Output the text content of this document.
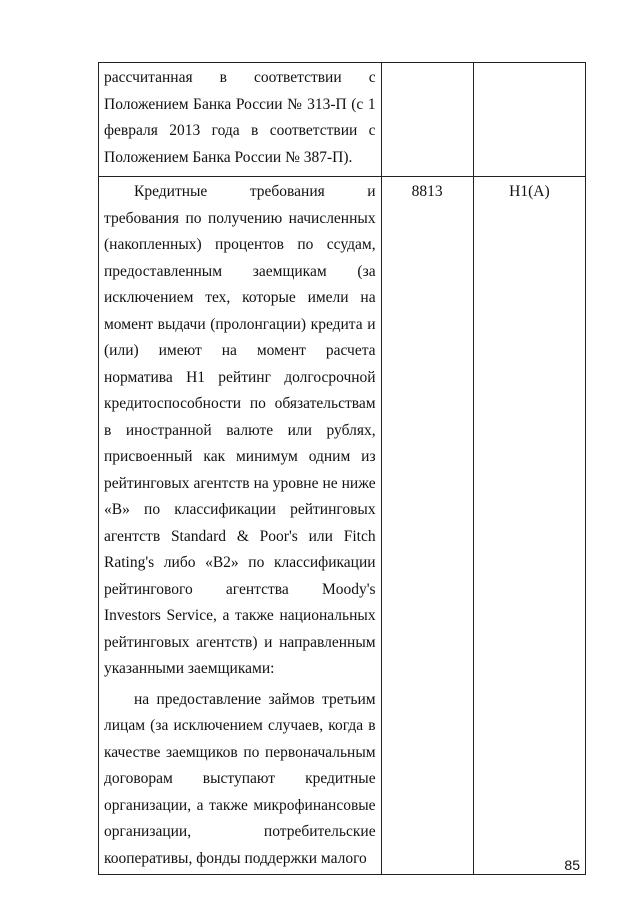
рассчитанная в соответствии с Положением Банка России № 313-П (с 1 февраля 2013 года в соответствии с Положением Банка России № 387-П).		

Кредитные требования и требования по получению начисленных (накопленных) процентов по ссудам, предоставленным заемщикам (за исключением тех, которые имели на момент выдачи (пролонгации) кредита и (или) имеют на момент расчета норматива Н1 рейтинг долгосрочной кредитоспособности по обязательствам в иностранной валюте или рублях, присвоенный как минимум одним из рейтинговых агентств на уровне не ниже «В» по классификации рейтинговых агентств Standard & Poor's или Fitch Rating's либо «В2» по классификации рейтингового агентства Moody's Investors Service, а также национальных рейтинговых агентств) и направленным указанными заемщиками:

на предоставление займов третьим лицам (за исключением случаев, когда в качестве заемщиков по первоначальным договорам выступают кредитные организации, а также микрофинансовые организации, потребительские кооперативы, фонды поддержки малого	8813	Н1(А)
85
